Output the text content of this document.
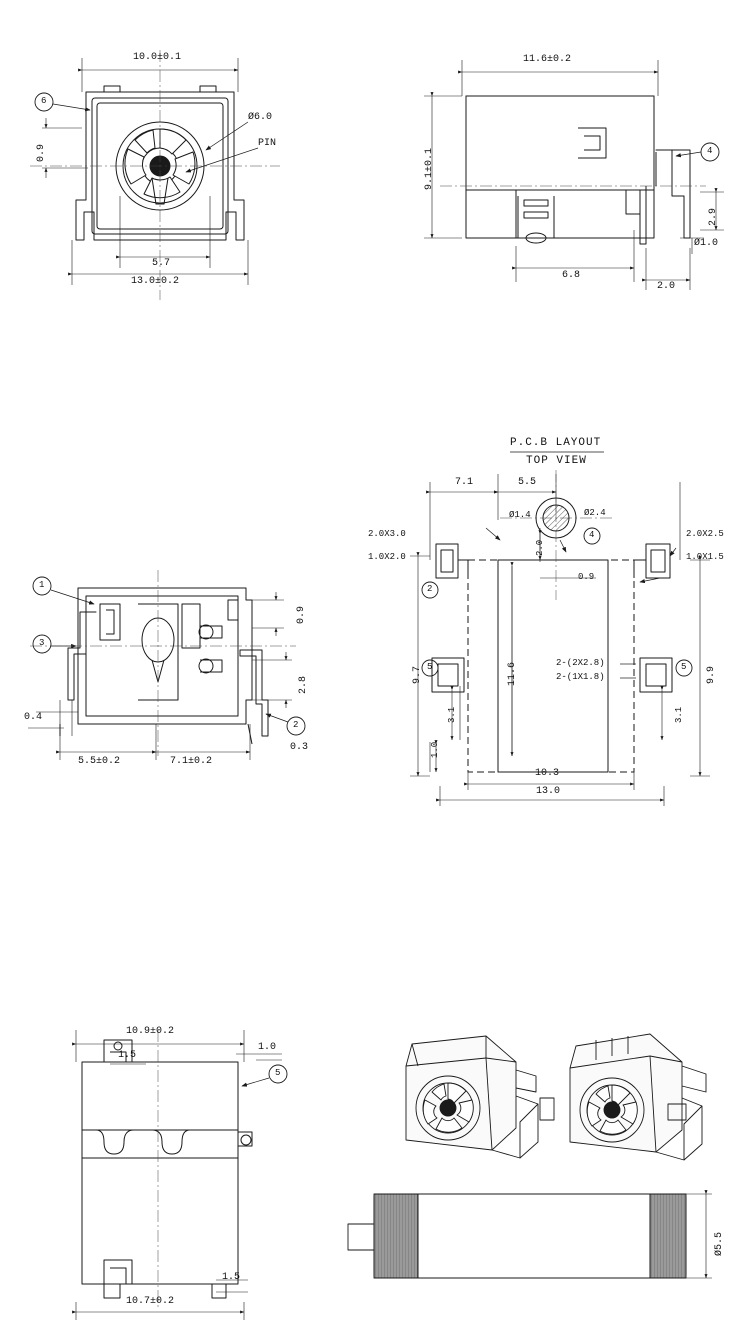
10.0±0.1
13.0±0.2
0.9
Ø6.0
PIN
5.7
6
11.6±0.2
9.1±0.1
2.9
Ø1.0
6.8
2.0
4
1
3
2
0.4
0.3
0.9
2.8
5.5±0.2	7.1±0.2
P.C.B LAYOUT
TOP VIEW
7.1	5.5
Ø1.4	Ø2.4
2.0X3.0
1.0X2.0
2.0X2.5
1.0X1.5
2.0
0.9
9.7	11.6	9.9
3.1	3.1
1.0
10.3
13.0
2-(2X2.8)
2-(1X1.8)
4
2
5	5
10.9±0.2
10.7±0.2
1.0
1.5
1.5
5
Ø5.5
